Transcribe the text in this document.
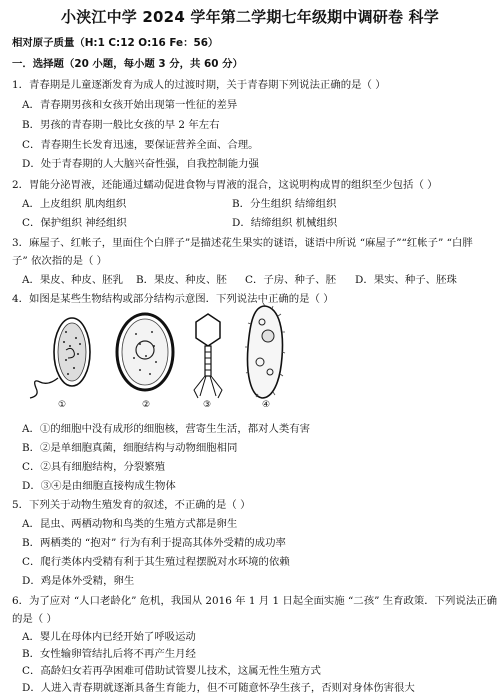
小浃江中学 2024 学年第二学期七年级期中调研卷 科学
相对原子质量（H:1 C:12 O:16 Fe：56）
一．选择题（20 小题，每小题 3 分，共 60 分）
1．青春期是儿童逐渐发育为成人的过渡时期，关于青春期下列说法正确的是（ ）
A．青春期男孩和女孩开始出现第一性征的差异
B．男孩的青春期一般比女孩的早 2 年左右
C．青春期生长发育迅速，要保证营养全面、合理。
D．处于青春期的人大脑兴奋性强，自我控制能力强
2．胃能分泌胃液，还能通过蠕动促进食物与胃液的混合，这说明构成胃的组织至少包括（ ）
A．上皮组织 肌肉组织	B．分生组织 结缔组织
C．保护组织 神经组织	D．结缔组织 机械组织
3．麻屋子、红帐子，里面住个白胖子”是描述花生果实的谜语，谜语中所说 “麻屋子”“红帐子” “白胖
子” 依次指的是（ ）
A．果皮、种皮、胚乳 B．果皮、种皮、胚 C．子房、种子、胚 D．果实、种子、胚珠
4．如图是某些生物结构或部分结构示意图．下列说法中正确的是（ ）
①	②	③	④
A．①的细胞中没有成形的细胞核，营寄生生活，都对人类有害
B．②是单细胞真菌，细胞结构与动物细胞相同
C．②具有细胞结构，分裂繁殖
D．③④是由细胞直接构成生物体
5．下列关于动物生殖发育的叙述，不正确的是（ ）
A．昆虫、两栖动物和鸟类的生殖方式都是卵生
B．两栖类的 “抱对” 行为有利于提高其体外受精的成功率
C．爬行类体内受精有利于其生殖过程摆脱对水环境的依赖
D．鸡是体外受精，卵生
6．为了应对 “人口老龄化” 危机，我国从 2016 年 1 月 1 日起全面实施 “二孩” 生育政策．下列说法正确
的是（ ）
A．婴儿在母体内已经开始了呼吸运动
B．女性输卵管结扎后将不再产生月经
C．高龄妇女若再孕困难可借助试管婴儿技术，这属无性生殖方式
D．人进入青春期就逐渐具备生育能力，但不可随意怀孕生孩子，否则对身体伤害很大
